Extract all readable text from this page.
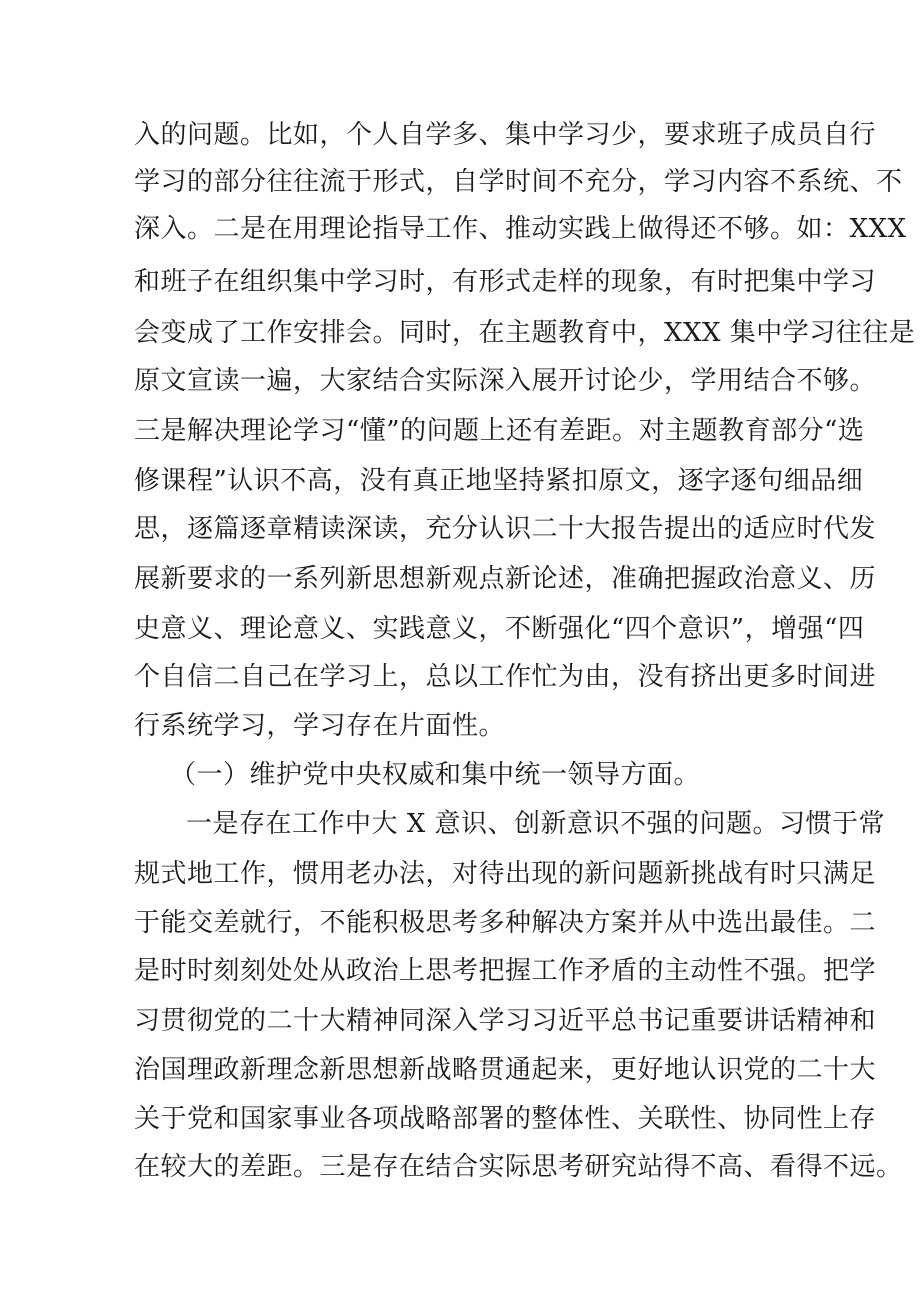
入的问题。比如，个人自学多、集中学习少，要求班子成员自行
学习的部分往往流于形式，自学时间不充分，学习内容不系统、不
深入。二是在用理论指导工作、推动实践上做得还不够。如：XXX
和班子在组织集中学习时，有形式走样的现象，有时把集中学习
会变成了工作安排会。同时，在主题教育中，XXX 集中学习往往是
原文宣读一遍，大家结合实际深入展开讨论少，学用结合不够。
三是解决理论学习“懂”的问题上还有差距。对主题教育部分“选
修课程”认识不高，没有真正地坚持紧扣原文，逐字逐句细品细
思，逐篇逐章精读深读，充分认识二十大报告提出的适应时代发
展新要求的一系列新思想新观点新论述，准确把握政治意义、历
史意义、理论意义、实践意义，不断强化“四个意识”，增强“四
个自信二自己在学习上，总以工作忙为由，没有挤出更多时间进
行系统学习，学习存在片面性。
（一）维护党中央权威和集中统一领导方面。
一是存在工作中大 X 意识、创新意识不强的问题。习惯于常
规式地工作，惯用老办法，对待出现的新问题新挑战有时只满足
于能交差就行，不能积极思考多种解决方案并从中选出最佳。二
是时时刻刻处处从政治上思考把握工作矛盾的主动性不强。把学
习贯彻党的二十大精神同深入学习习近平总书记重要讲话精神和
治国理政新理念新思想新战略贯通起来，更好地认识党的二十大
关于党和国家事业各项战略部署的整体性、关联性、协同性上存
在较大的差距。三是存在结合实际思考研究站得不高、看得不远。
